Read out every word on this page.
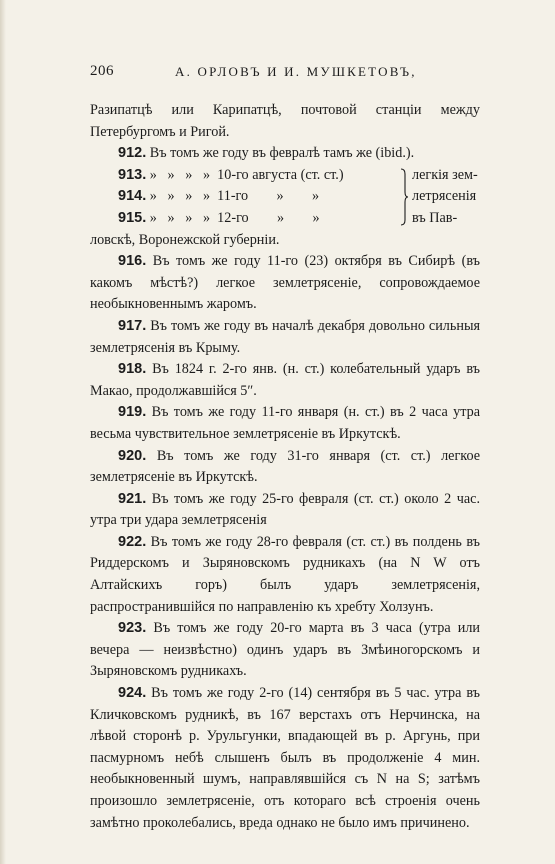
206	А. ОРЛОВЪ И И. МУШКЕТОВЪ,

Разипатцѣ или Карипатцѣ, почтовой станціи между Петербургомъ и Ригой.

912. Въ томъ же году въ февралѣ тамъ же (ibid.).

913. »   »   »   »  10-го августа (ст. ст.)
914. »   »   »   »  11-го        »        »
915. »   »   »   »  12-го        »        »
легкія зем-
летрясенія
въ Пав-

ловскѣ, Воронежской губерніи.

916. Въ томъ же году 11-го (23) октября въ Сибирѣ (въ какомъ мѣстѣ?) легкое землетрясеніе, сопровождаемое необыкновеннымъ жаромъ.

917. Въ томъ же году въ началѣ декабря довольно сильныя землетрясенія въ Крыму.

918. Въ 1824 г. 2-го янв. (н. ст.) колебательный ударъ въ Макао, продолжавшійся 5″.

919. Въ томъ же году 11-го января (н. ст.) въ 2 часа утра весьма чувствительное землетрясеніе въ Иркутскѣ.

920. Въ томъ же году 31-го января (ст. ст.) легкое землетрясеніе въ Иркутскѣ.

921. Въ томъ же году 25-го февраля (ст. ст.) около 2 час. утра три удара землетрясенія

922. Въ томъ же году 28-го февраля (ст. ст.) въ полдень въ Риддерскомъ и Зыряновскомъ рудникахъ (на N W отъ Алтайскихъ горъ) былъ ударъ землетрясенія, распространившійся по направленію къ хребту Холзунъ.

923. Въ томъ же году 20-го марта въ 3 часа (утра или вечера — неизвѣстно) одинъ ударъ въ Змѣиногорскомъ и Зыряновскомъ рудникахъ.

924. Въ томъ же году 2-го (14) сентября въ 5 час. утра въ Кличковскомъ рудникѣ, въ 167 верстахъ отъ Нерчинска, на лѣвой сторонѣ р. Урульгунки, впадающей въ р. Аргунь, при пасмурномъ небѣ слышенъ былъ въ продолженіе 4 мин. необыкновенный шумъ, направлявшійся съ N на S; затѣмъ произошло землетрясеніе, отъ котораго всѣ строенія очень замѣтно проколебались, вреда однако не было имъ причинено.
